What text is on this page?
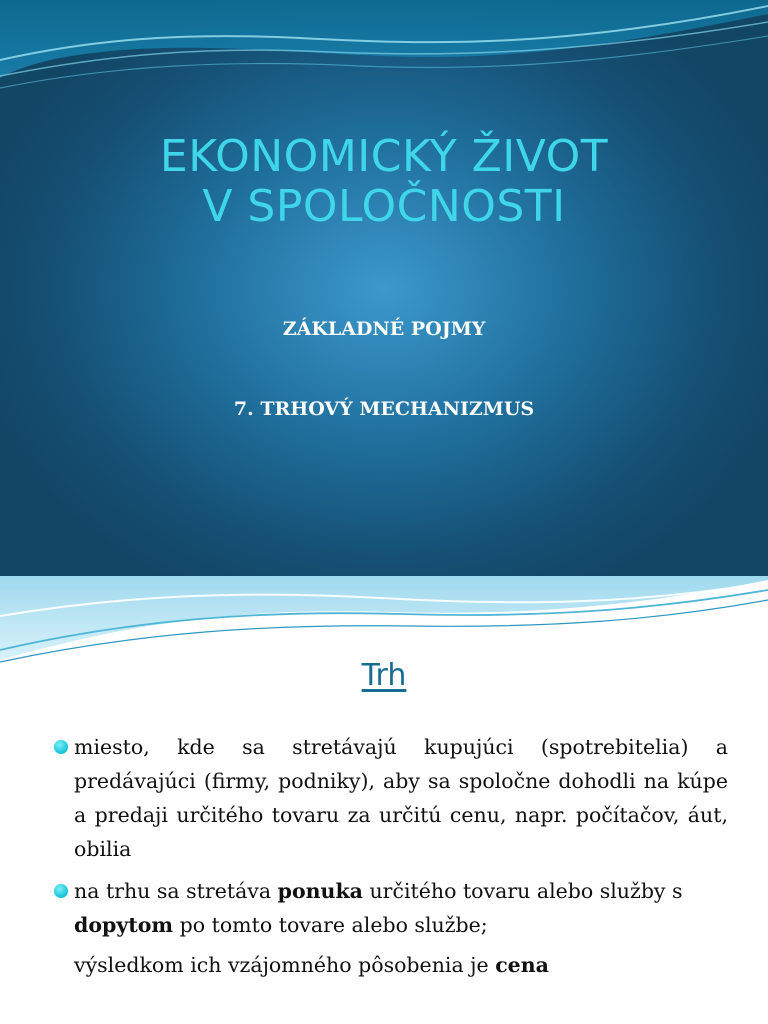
EKONOMICKÝ ŽIVOT
V SPOLOČNOSTI
ZÁKLADNÉ POJMY
7. TRHOVÝ MECHANIZMUS
Trh
miesto, kde sa stretávajú kupujúci (spotrebitelia) a predávajúci (firmy, podniky), aby sa spoločne dohodli na kúpe a predaji určitého tovaru za určitú cenu, napr. počítačov, áut, obilia
na trhu sa stretáva ponuka určitého tovaru alebo služby s dopytom po tomto tovare alebo službe;
výsledkom ich vzájomného pôsobenia je cena
